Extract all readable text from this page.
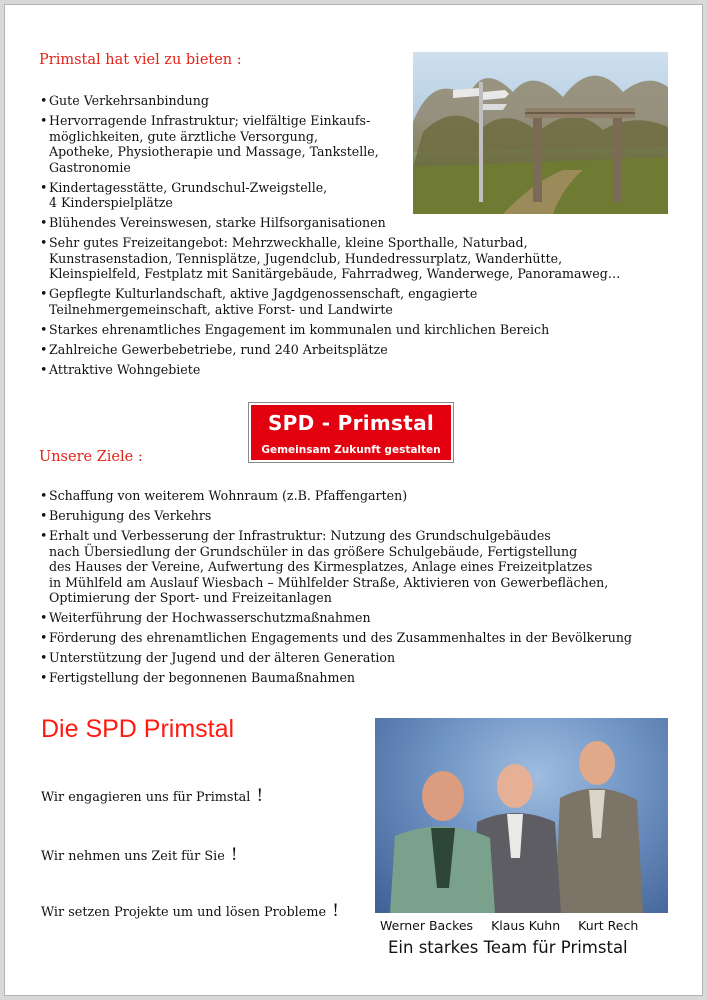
Primstal hat viel zu bieten :
• Gute Verkehrsanbindung
• Hervorragende Infrastruktur; vielfältige Einkaufs-
möglichkeiten, gute ärztliche Versorgung,
Apotheke, Physiotherapie und Massage, Tankstelle,
Gastronomie
• Kindertagesstätte, Grundschul-Zweigstelle,
4 Kinderspielplätze
• Blühendes Vereinswesen, starke Hilfsorganisationen
• Sehr gutes Freizeitangebot: Mehrzweckhalle, kleine Sporthalle, Naturbad,
Kunstrasenstadion, Tennisplätze, Jugendclub, Hundedressurplatz, Wanderhütte,
Kleinspielfeld, Festplatz mit Sanitärgebäude, Fahrradweg, Wanderwege, Panoramaweg…
• Gepflegte Kulturlandschaft, aktive Jagdgenossenschaft, engagierte
Teilnehmergemeinschaft, aktive Forst- und Landwirte
• Starkes ehrenamtliches Engagement im kommunalen und kirchlichen Bereich
• Zahlreiche Gewerbebetriebe, rund 240 Arbeitsplätze
• Attraktive Wohngebiete
SPD - Primstal
Gemeinsam Zukunft gestalten
Unsere Ziele :
• Schaffung von weiterem Wohnraum (z.B. Pfaffengarten)
• Beruhigung des Verkehrs
• Erhalt und Verbesserung der Infrastruktur: Nutzung des Grundschulgebäudes
nach Übersiedlung der Grundschüler in das größere Schulgebäude, Fertigstellung
des Hauses der Vereine, Aufwertung des Kirmesplatzes, Anlage eines Freizeitplatzes
in Mühlfeld am Auslauf Wiesbach – Mühlfelder Straße, Aktivieren von Gewerbeflächen,
Optimierung der Sport- und Freizeitanlagen
• Weiterführung der Hochwasserschutzmaßnahmen
• Förderung des ehrenamtlichen Engagements und des Zusammenhaltes in der Bevölkerung
• Unterstützung der Jugend und der älteren Generation
• Fertigstellung der begonnenen Baumaßnahmen
Die SPD Primstal
Wir engagieren uns für Primstal !
Wir nehmen uns Zeit für Sie !
Wir setzen Projekte um und lösen Probleme !
Werner Backes Klaus Kuhn Kurt Rech
Ein starkes Team für Primstal
